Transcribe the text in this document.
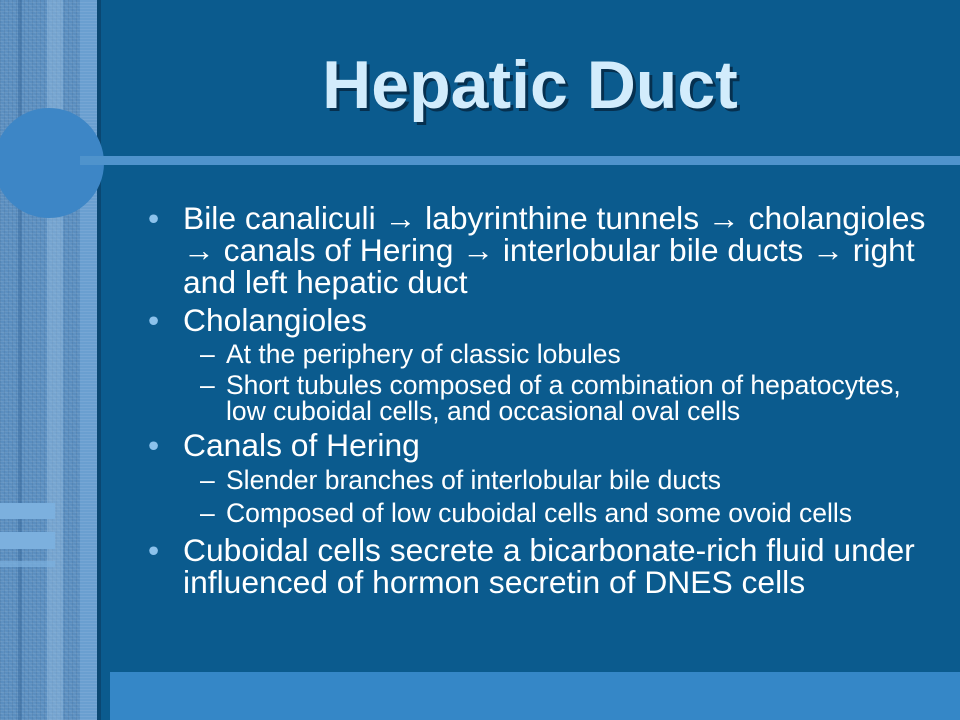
Hepatic Duct
• Bile canaliculi → labyrinthine tunnels → cholangioles
→ canals of Hering → interlobular bile ducts → right
and left hepatic duct
• Cholangioles
– At the periphery of classic lobules
– Short tubules composed of a combination of hepatocytes,
low cuboidal cells, and occasional oval cells
• Canals of Hering
– Slender branches of interlobular bile ducts
– Composed of low cuboidal cells and some ovoid cells
• Cuboidal cells secrete a bicarbonate-rich fluid under
influenced of hormon secretin of DNES cells
